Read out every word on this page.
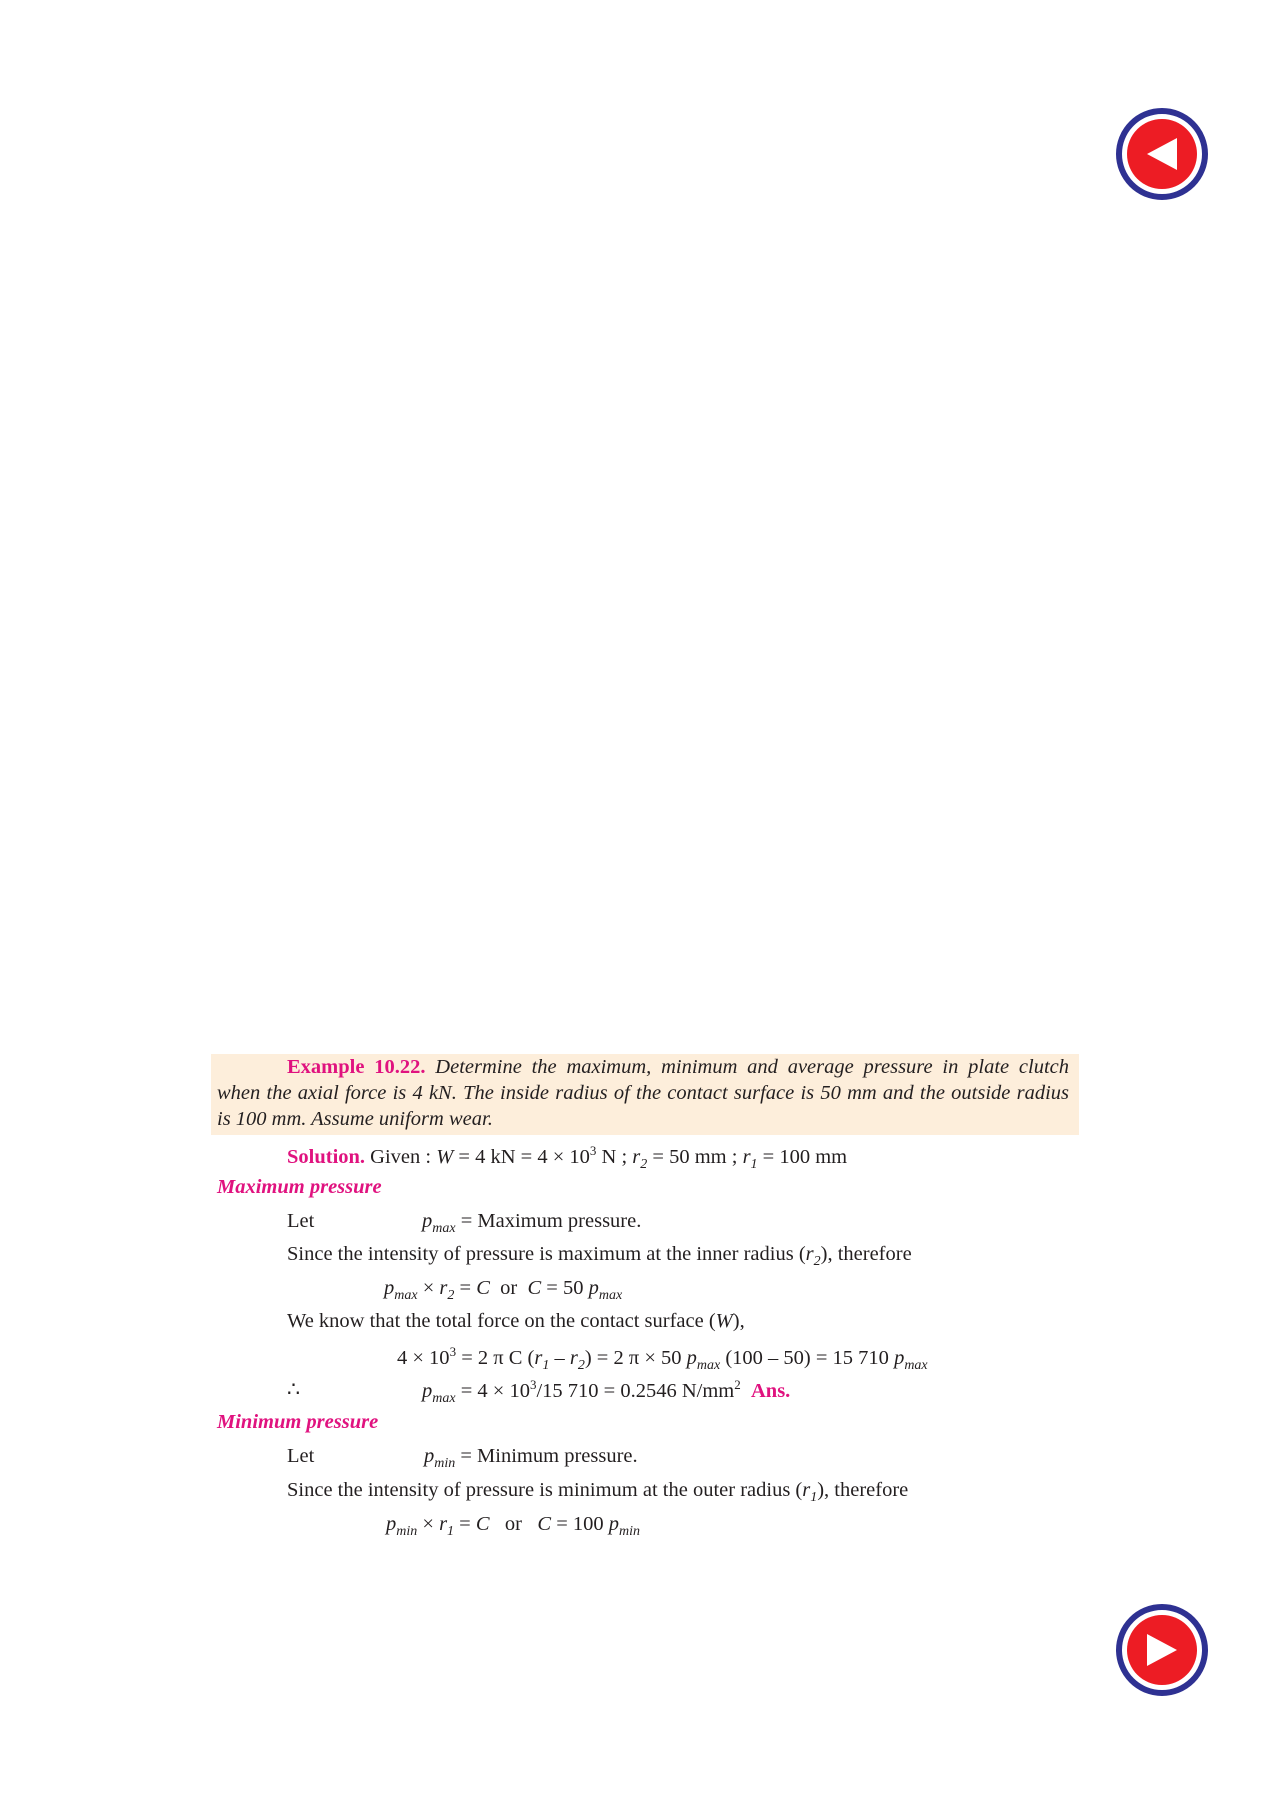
Example 10.22. Determine the maximum, minimum and average pressure in plate clutch
when the axial force is 4 kN. The inside radius of the contact surface is 50 mm and the outside radius
is 100 mm. Assume uniform wear.
Solution. Given : W = 4 kN = $4 \times 10^3$ N ; $r_2 = 50$ mm ; $r_1 = 100$ mm
Maximum pressure
Let	$p_{max}$ = Maximum pressure.
Since the intensity of pressure is maximum at the inner radius $(r_2)$, therefore
$p_{max} \times r_2 = C$  or  C = 50 $p_{max}$
We know that the total force on the contact surface (W),
$4 \times 10^3 = 2$ π C $(r_1 - r_2) = 2$ π × 50 $p_{max}$ (100 – 50) = 15 710 $p_{max}$
∴	$p_{max} = 4 \times 10^3/15$ 710 = 0.2546 $N/mm^2$ Ans.
Minimum pressure
Let	$p_{min}$ = Minimum pressure.
Since the intensity of pressure is minimum at the outer radius $(r_1)$, therefore
$p_{min} \times r_1 = C$   or   C = 100 $p_{min}$
